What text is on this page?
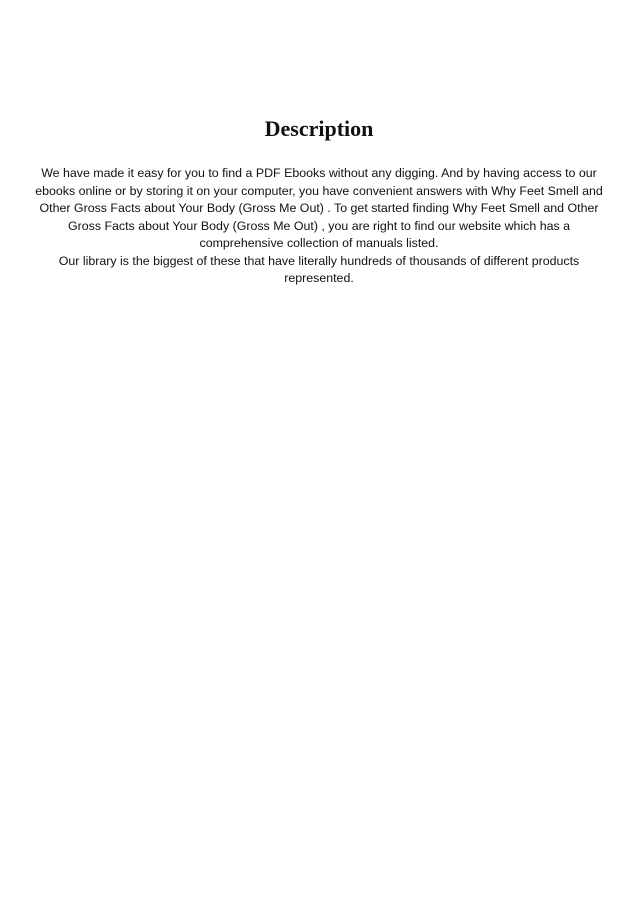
Description

We have made it easy for you to find a PDF Ebooks without any digging. And by having access to our ebooks online or by storing it on your computer, you have convenient answers with Why Feet Smell and Other Gross Facts about Your Body (Gross Me Out) . To get started finding Why Feet Smell and Other Gross Facts about Your Body (Gross Me Out) , you are right to find our website which has a comprehensive collection of manuals listed.

Our library is the biggest of these that have literally hundreds of thousands of different products represented.
